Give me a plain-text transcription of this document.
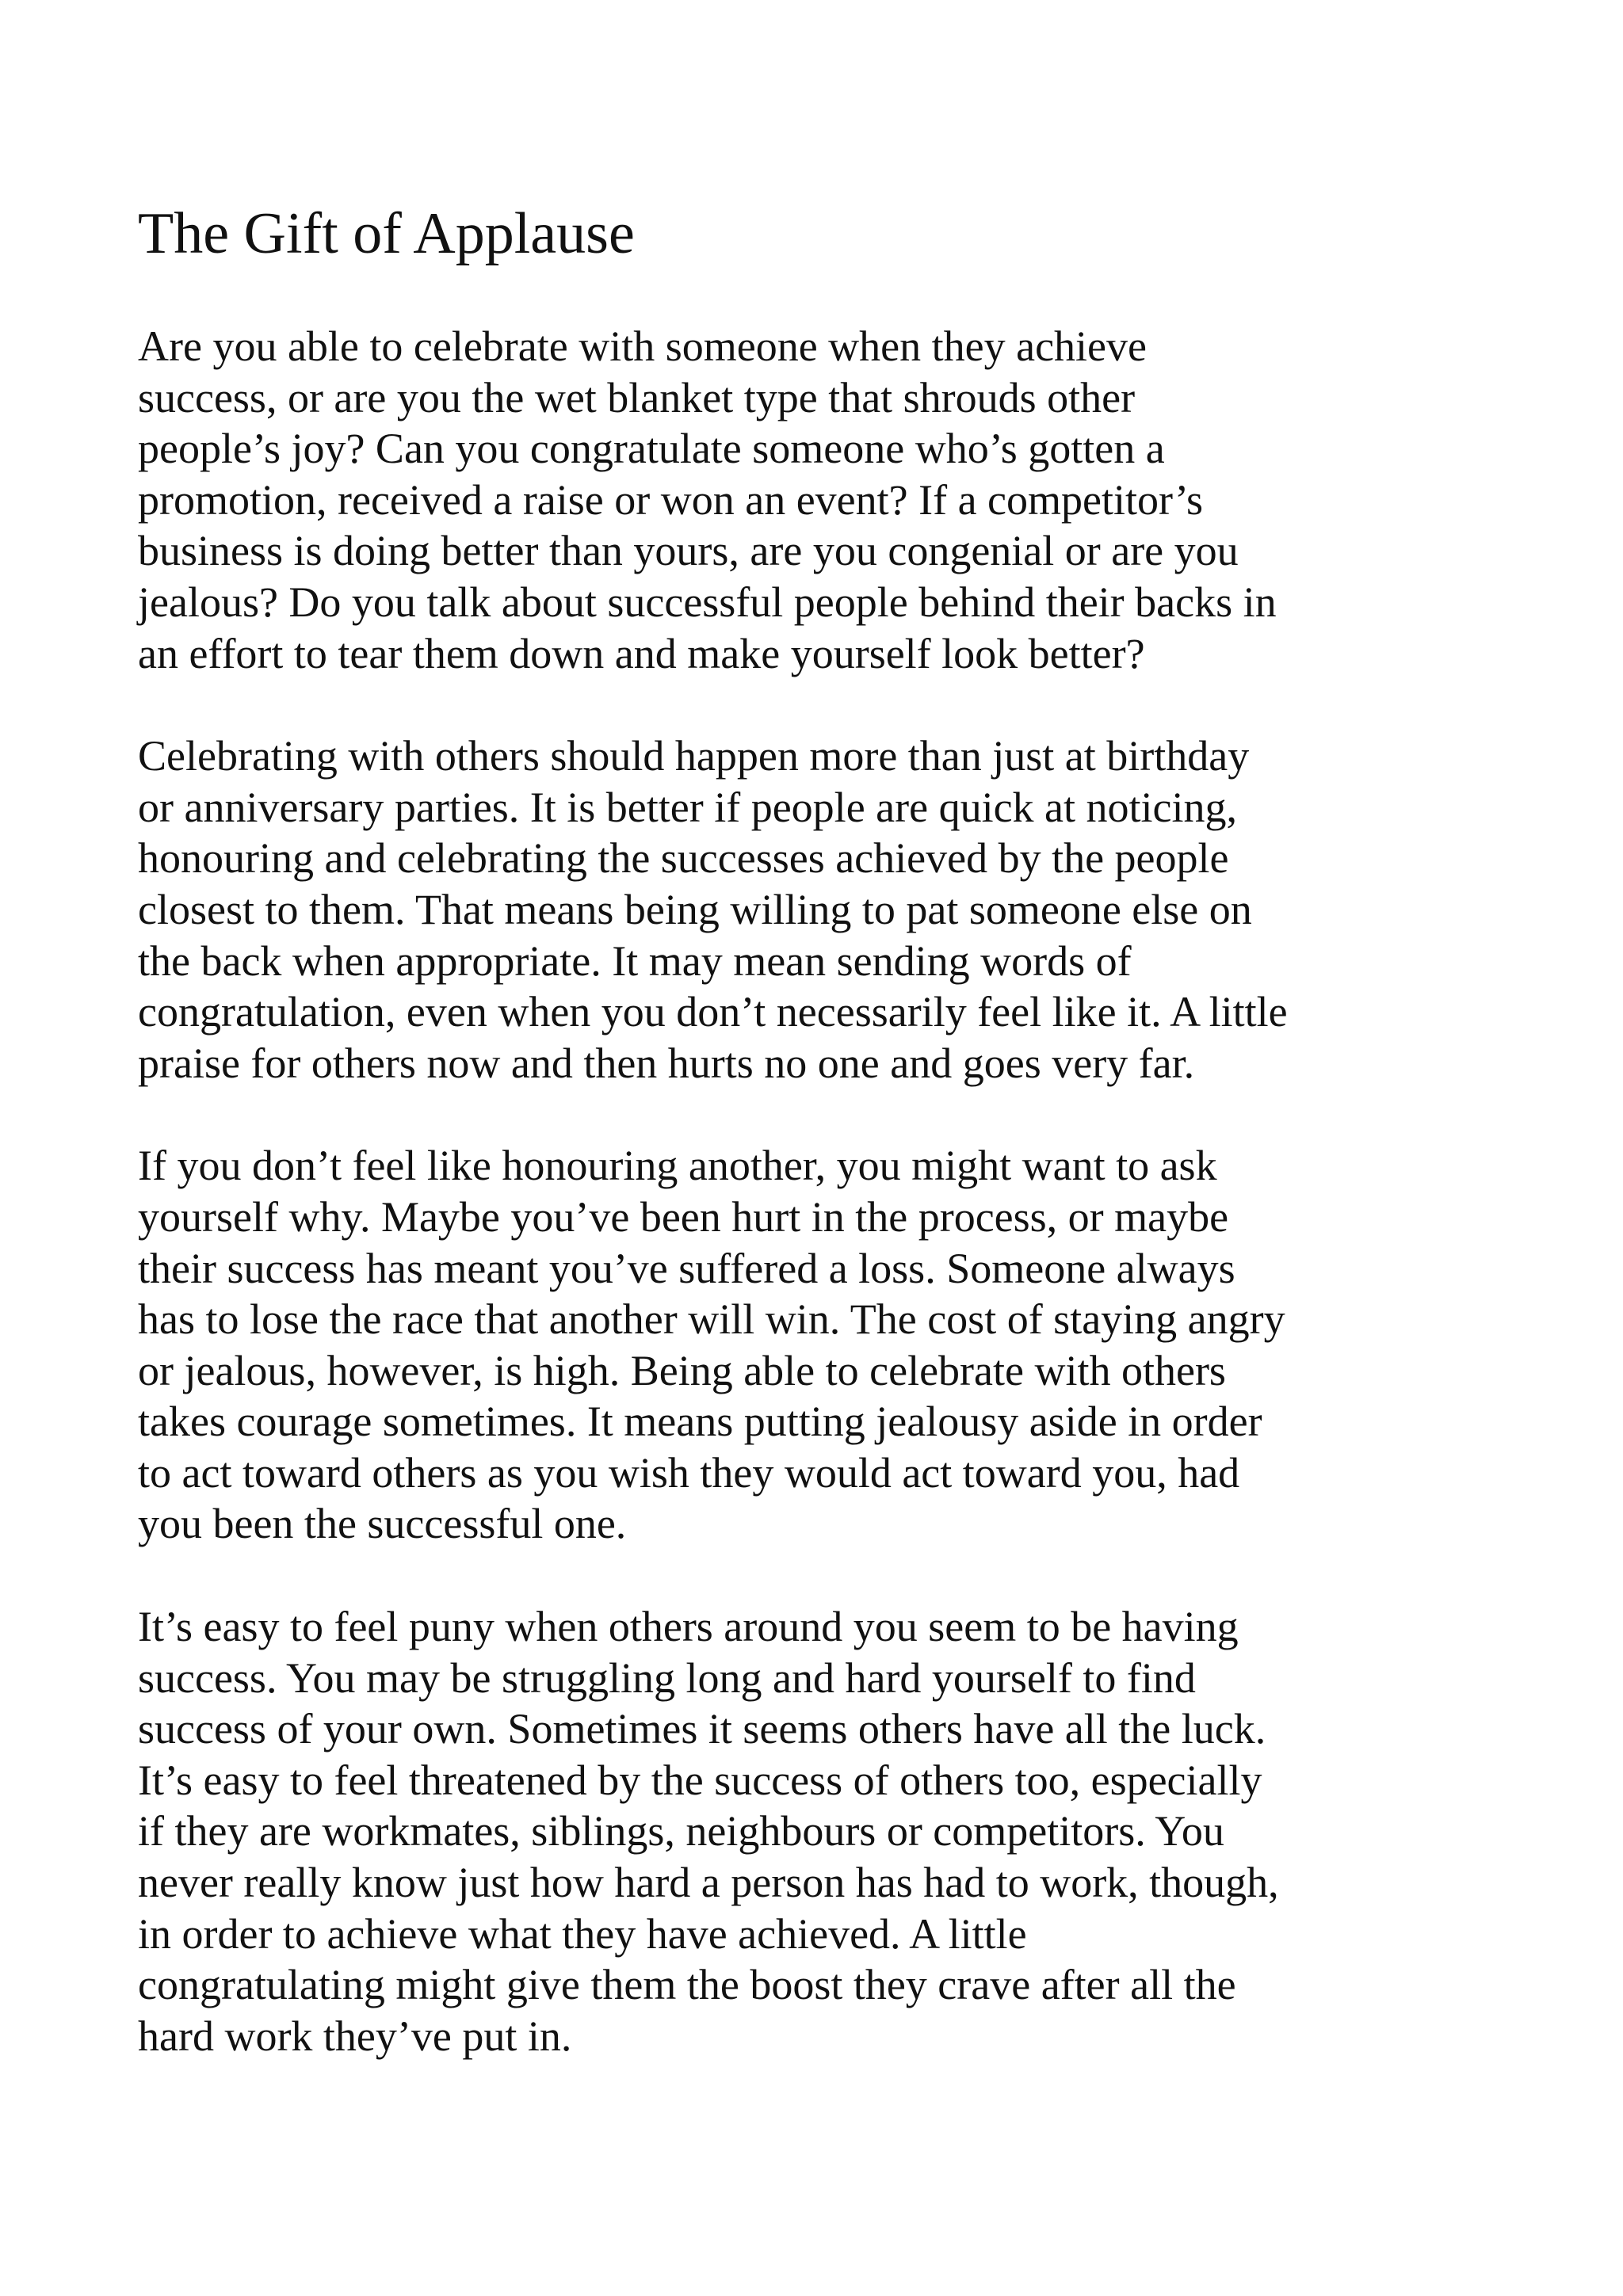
The Gift of Applause

Are you able to celebrate with someone when they achieve
success, or are you the wet blanket type that shrouds other
people’s joy? Can you congratulate someone who’s gotten a
promotion, received a raise or won an event? If a competitor’s
business is doing better than yours, are you congenial or are you
jealous? Do you talk about successful people behind their backs in
an effort to tear them down and make yourself look better?

Celebrating with others should happen more than just at birthday
or anniversary parties. It is better if people are quick at noticing,
honouring and celebrating the successes achieved by the people
closest to them. That means being willing to pat someone else on
the back when appropriate. It may mean sending words of
congratulation, even when you don’t necessarily feel like it. A little
praise for others now and then hurts no one and goes very far.

If you don’t feel like honouring another, you might want to ask
yourself why. Maybe you’ve been hurt in the process, or maybe
their success has meant you’ve suffered a loss. Someone always
has to lose the race that another will win. The cost of staying angry
or jealous, however, is high. Being able to celebrate with others
takes courage sometimes. It means putting jealousy aside in order
to act toward others as you wish they would act toward you, had
you been the successful one.

It’s easy to feel puny when others around you seem to be having
success. You may be struggling long and hard yourself to find
success of your own. Sometimes it seems others have all the luck.
It’s easy to feel threatened by the success of others too, especially
if they are workmates, siblings, neighbours or competitors. You
never really know just how hard a person has had to work, though,
in order to achieve what they have achieved. A little
congratulating might give them the boost they crave after all the
hard work they’ve put in.
